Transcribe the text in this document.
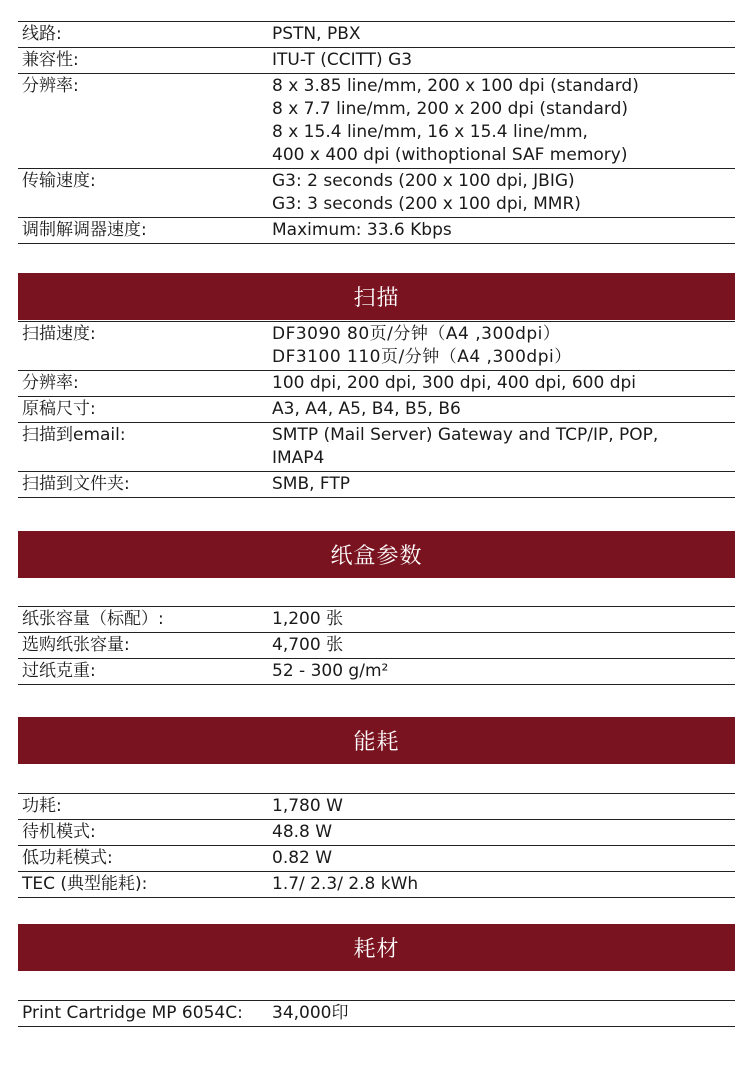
线路:	PSTN, PBX
兼容性:	ITU-T (CCITT) G3
分辨率:	8 x 3.85 line/mm, 200 x 100 dpi (standard)
8 x 7.7 line/mm, 200 x 200 dpi (standard)
8 x 15.4 line/mm, 16 x 15.4 line/mm,
400 x 400 dpi (withoptional SAF memory)
传输速度:	G3: 2 seconds (200 x 100 dpi, JBIG)
G3: 3 seconds (200 x 100 dpi, MMR)
调制解调器速度:	Maximum: 33.6 Kbps
扫描
扫描速度:	DF3090 80页/分钟（A4 ,300dpi）
DF3100 110页/分钟（A4 ,300dpi）
分辨率:	100 dpi, 200 dpi, 300 dpi, 400 dpi, 600 dpi
原稿尺寸:	A3, A4, A5, B4, B5, B6
扫描到email:	SMTP (Mail Server) Gateway and TCP/IP, POP,
IMAP4
扫描到文件夹:	SMB, FTP
纸盒参数
纸张容量（标配）:	1,200 张
选购纸张容量:	4,700 张
过纸克重:	52 - 300 g/m²
能耗
功耗:	1,780 W
待机模式:	48.8 W
低功耗模式:	0.82 W
TEC (典型能耗):	1.7/ 2.3/ 2.8 kWh
耗材
Print Cartridge MP 6054C:	34,000印
